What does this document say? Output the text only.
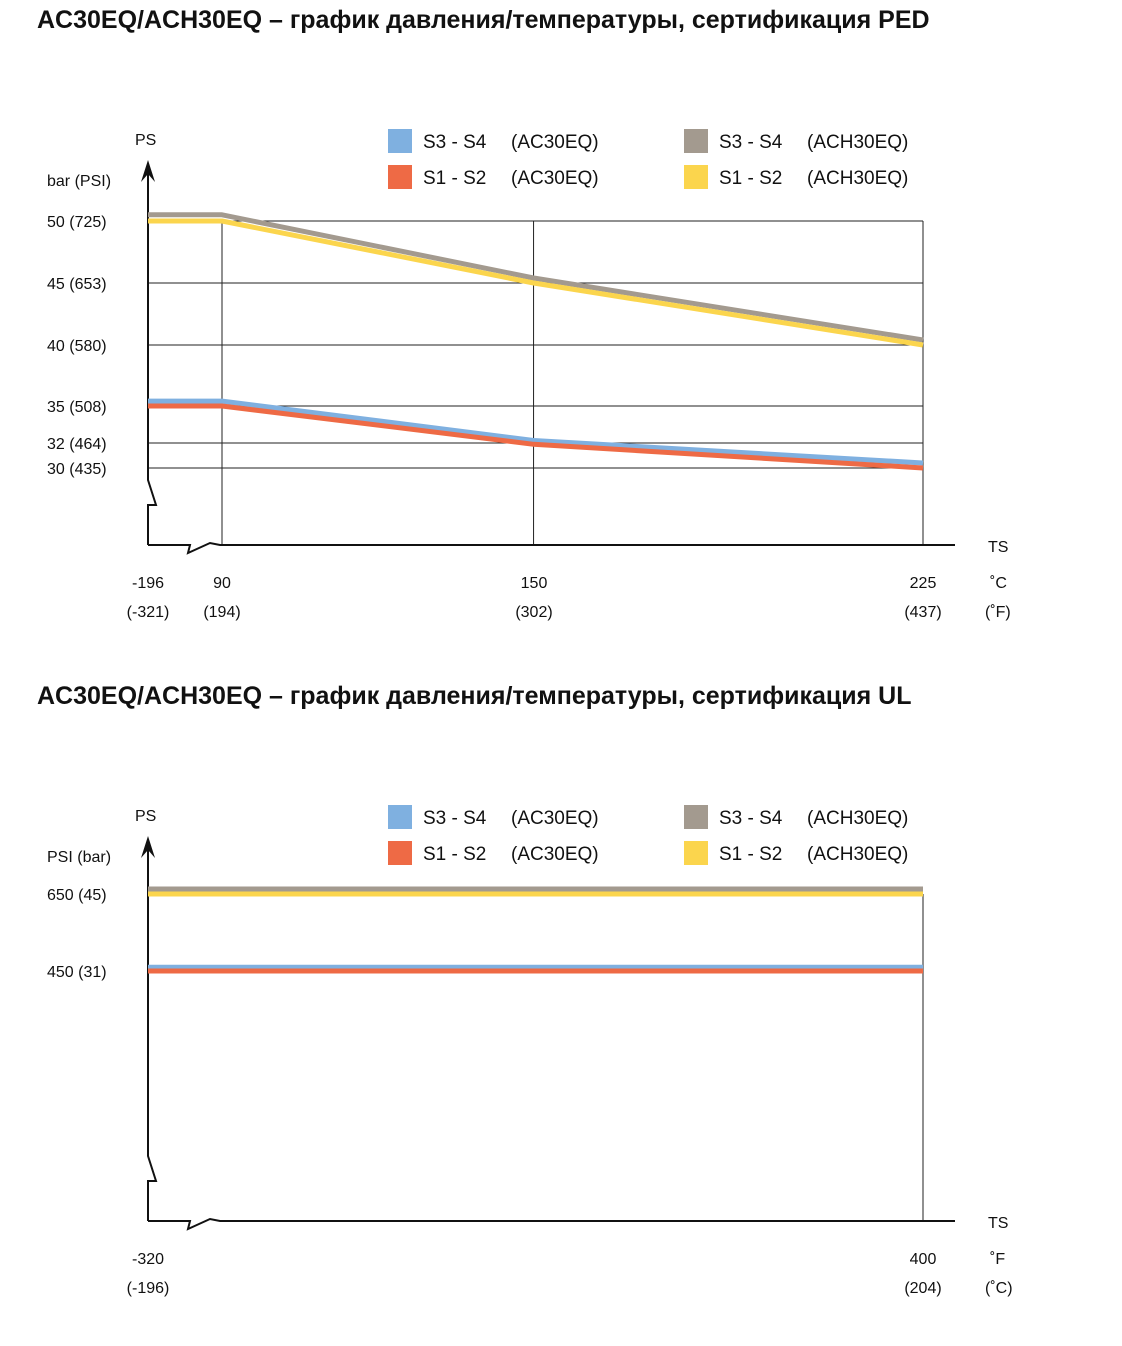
AC30EQ/ACH30EQ – график давления/температуры, сертификация PED
50 (725)
45 (653)
40 (580)
35 (508)
32 (464)
30 (435)
PS
bar (PSI)
TS
˚C
(˚F)
-196
(-321)
90
(194)
150
(302)
225
(437)
S3 - S4 (AC30EQ)
S1 - S2 (AC30EQ)
S3 - S4 (ACH30EQ)
S1 - S2 (ACH30EQ)
AC30EQ/ACH30EQ – график давления/температуры, сертификация UL
650 (45)
450 (31)
PS
PSI (bar)
TS
˚F
(˚C)
-320
(-196)
400
(204)
S3 - S4 (AC30EQ)
S1 - S2 (AC30EQ)
S3 - S4 (ACH30EQ)
S1 - S2 (ACH30EQ)
